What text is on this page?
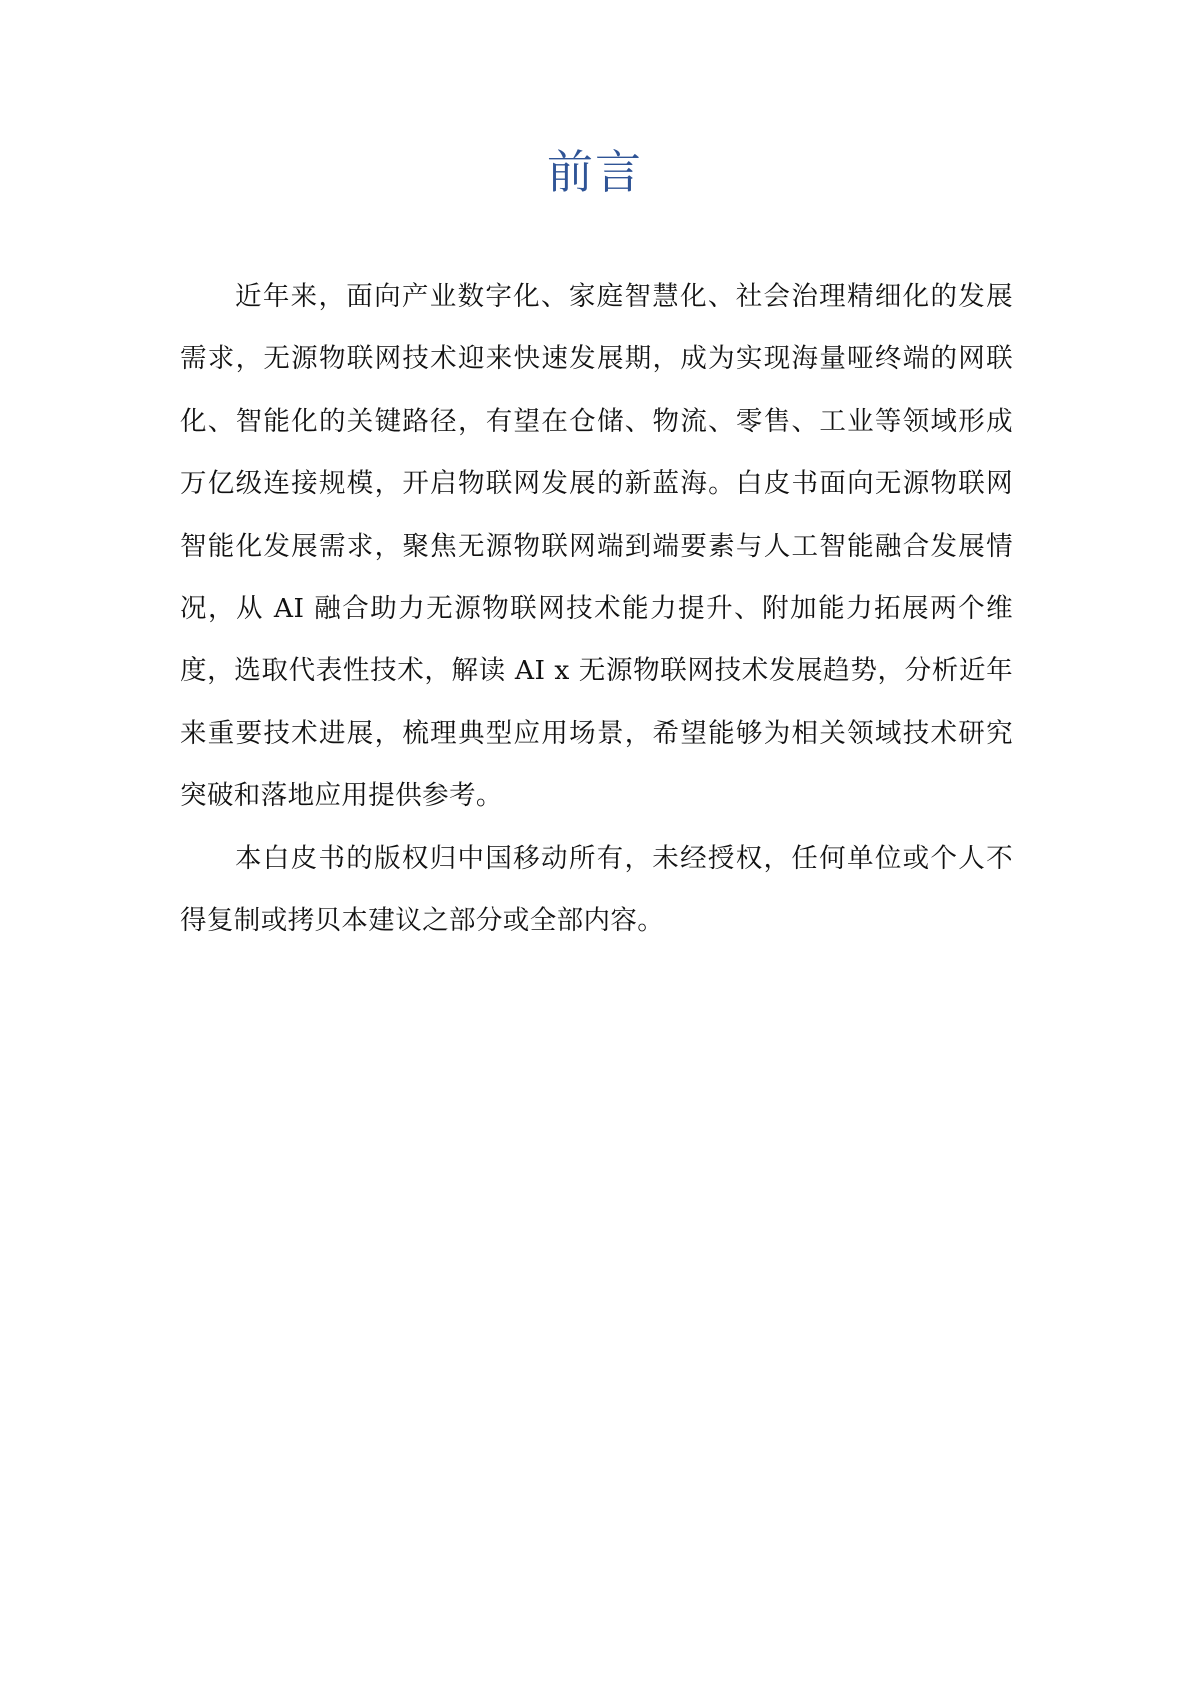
前言

近年来，面向产业数字化、家庭智慧化、社会治理精细化的发展需求，无源物联网技术迎来快速发展期，成为实现海量哑终端的网联化、智能化的关键路径，有望在仓储、物流、零售、工业等领域形成万亿级连接规模，开启物联网发展的新蓝海。白皮书面向无源物联网智能化发展需求，聚焦无源物联网端到端要素与人工智能融合发展情况，从 AI 融合助力无源物联网技术能力提升、附加能力拓展两个维度，选取代表性技术，解读 AI x 无源物联网技术发展趋势，分析近年来重要技术进展，梳理典型应用场景，希望能够为相关领域技术研究突破和落地应用提供参考。

本白皮书的版权归中国移动所有，未经授权，任何单位或个人不得复制或拷贝本建议之部分或全部内容。
